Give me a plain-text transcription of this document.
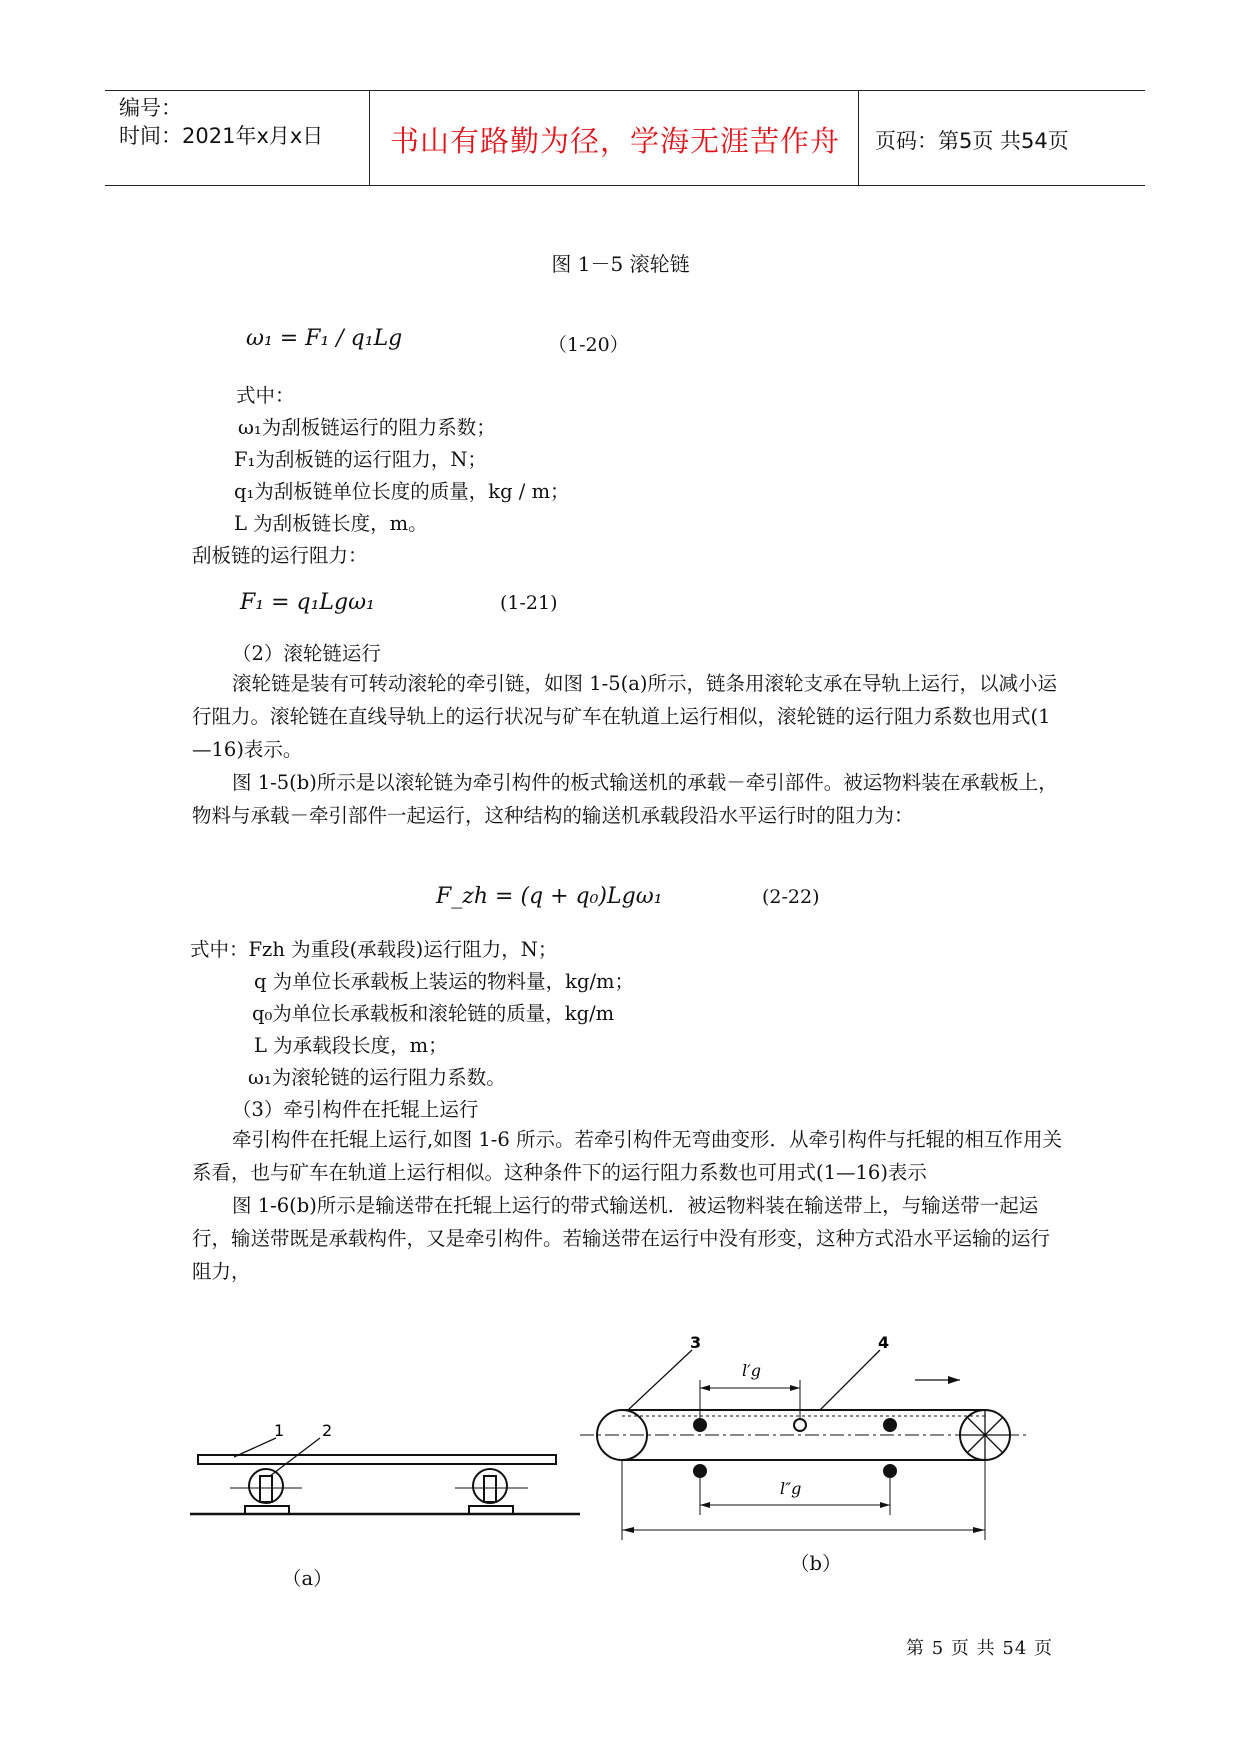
编号：
时间：2021年x月x日 书山有路勤为径，学海无涯苦作舟 页码：第5页 共54页
图 1－5 滚轮链
ω₁ = F₁ / q₁Lg	（1-20）
式中：
ω₁为刮板链运行的阻力系数；
F₁为刮板链的运行阻力，N；
q₁为刮板链单位长度的质量，kg / m；
L 为刮板链长度，m。
刮板链的运行阻力：
F₁ = q₁Lgω₁	(1-21)
（2）滚轮链运行

滚轮链是装有可转动滚轮的牵引链，如图 1-5(a)所示，链条用滚轮支承在导轨上运行，以减小运行阻力。滚轮链在直线导轨上的运行状况与矿车在轨道上运行相似，滚轮链的运行阻力系数也用式(1—16)表示。

图 1-5(b)所示是以滚轮链为牵引构件的板式输送机的承载－牵引部件。被运物料装在承载板上，物料与承载－牵引部件一起运行，这种结构的输送机承载段沿水平运行时的阻力为：

F_zh = (q + q₀)Lgω₁	(2-22)
式中：Fzh 为重段(承载段)运行阻力，N；
q 为单位长承载板上装运的物料量，kg/m；
q₀为单位长承载板和滚轮链的质量，kg/m
L 为承载段长度，m；
ω₁为滚轮链的运行阻力系数。
（3）牵引构件在托辊上运行

牵引构件在托辊上运行,如图 1-6 所示。若牵引构件无弯曲变形．从牵引构件与托辊的相互作用关系看，也与矿车在轨道上运行相似。这种条件下的运行阻力系数也可用式(1—16)表示

图 1-6(b)所示是输送带在托辊上运行的带式输送机．被运物料装在输送带上，与输送带一起运行，输送带既是承载构件，又是牵引构件。若输送带在运行中没有形变，这种方式沿水平运输的运行阻力，

1 2
（a）
3	4
l′g
l″g
（b）
第 5 页 共 54 页
